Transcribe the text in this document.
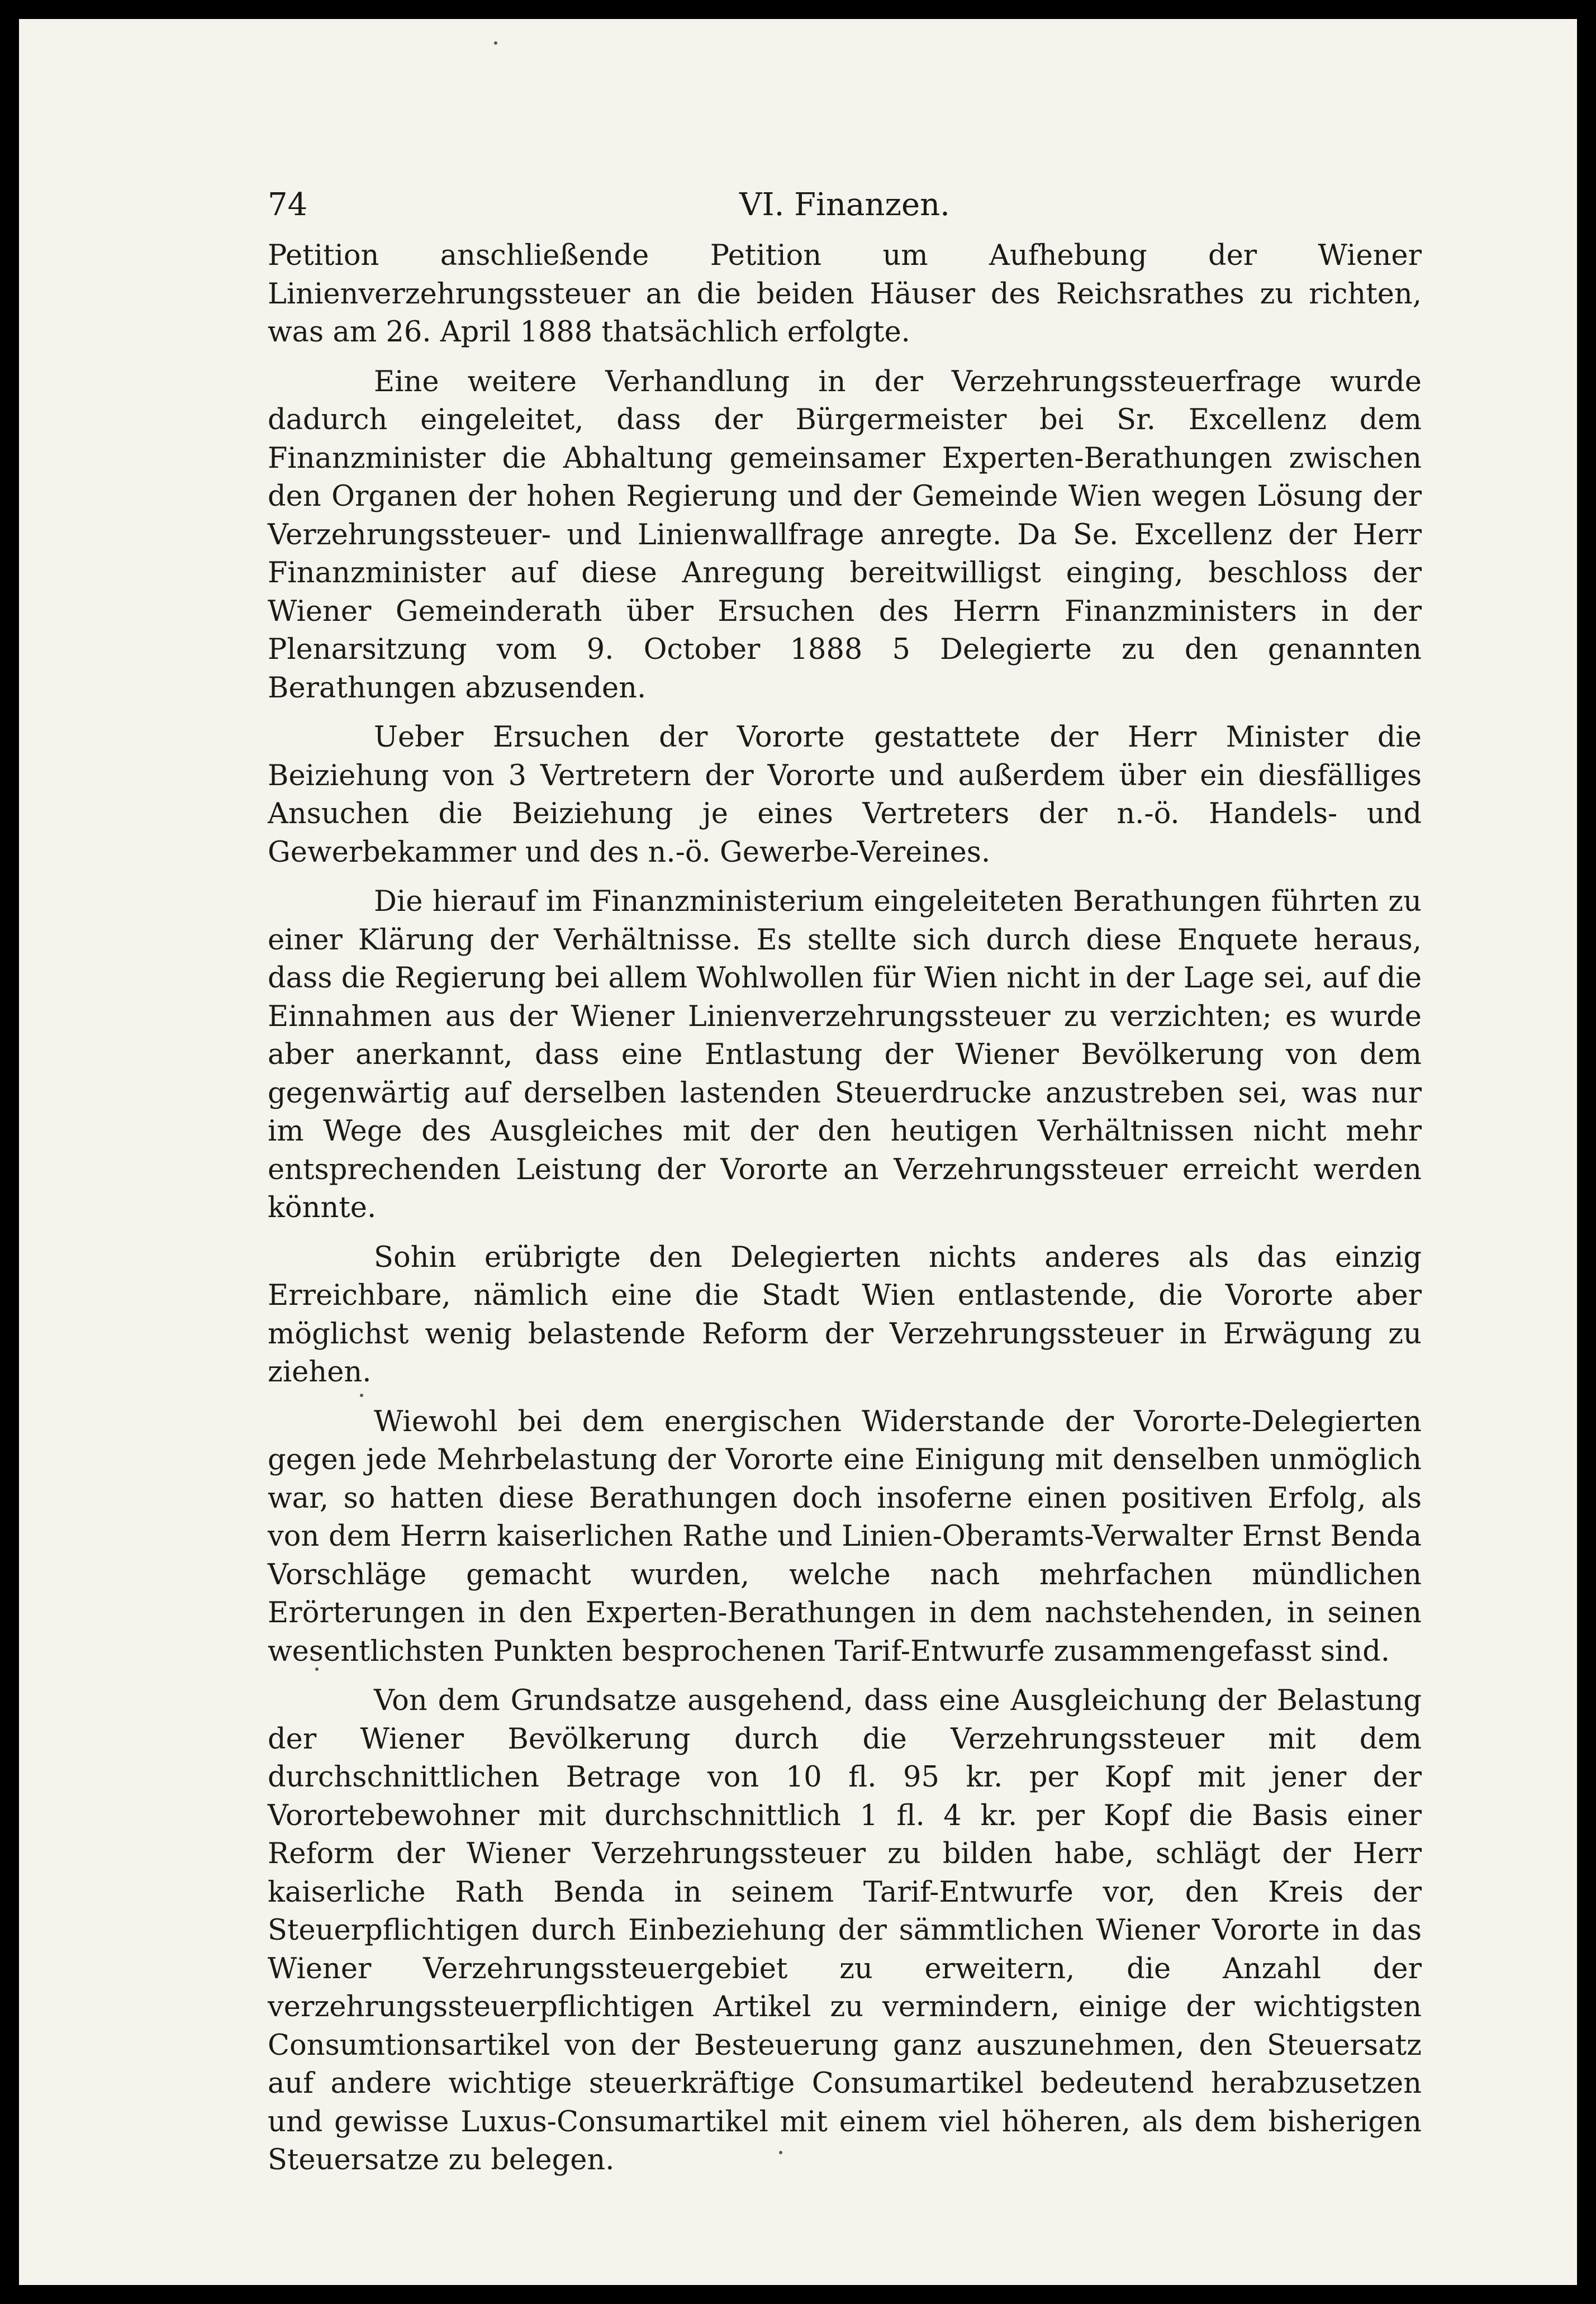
74	VI. Finanzen.

Petition anschließende Petition um Aufhebung der Wiener Linienverzehrungssteuer an die beiden Häuser des Reichsrathes zu richten, was am 26. April 1888 thatsächlich erfolgte.

Eine weitere Verhandlung in der Verzehrungssteuerfrage wurde dadurch eingeleitet, dass der Bürgermeister bei Sr. Excellenz dem Finanzminister die Abhaltung gemeinsamer Experten-Berathungen zwischen den Organen der hohen Regierung und der Gemeinde Wien wegen Lösung der Verzehrungssteuer- und Linienwallfrage anregte. Da Se. Excellenz der Herr Finanzminister auf diese Anregung bereitwilligst einging, beschloss der Wiener Gemeinderath über Ersuchen des Herrn Finanzministers in der Plenarsitzung vom 9. October 1888 5 Delegierte zu den genannten Berathungen abzusenden.

Ueber Ersuchen der Vororte gestattete der Herr Minister die Beiziehung von 3 Vertretern der Vororte und außerdem über ein diesfälliges Ansuchen die Beiziehung je eines Vertreters der n.-ö. Handels- und Gewerbekammer und des n.-ö. Gewerbe-Vereines.

Die hierauf im Finanzministerium eingeleiteten Berathungen führten zu einer Klärung der Verhältnisse. Es stellte sich durch diese Enquete heraus, dass die Regierung bei allem Wohlwollen für Wien nicht in der Lage sei, auf die Einnahmen aus der Wiener Linienverzehrungssteuer zu verzichten; es wurde aber anerkannt, dass eine Entlastung der Wiener Bevölkerung von dem gegenwärtig auf derselben lastenden Steuerdrucke anzustreben sei, was nur im Wege des Ausgleiches mit der den heutigen Verhältnissen nicht mehr entsprechenden Leistung der Vororte an Verzehrungssteuer erreicht werden könnte.

Sohin erübrigte den Delegierten nichts anderes als das einzig Erreichbare, nämlich eine die Stadt Wien entlastende, die Vororte aber möglichst wenig belastende Reform der Verzehrungssteuer in Erwägung zu ziehen.

Wiewohl bei dem energischen Widerstande der Vororte-Delegierten gegen jede Mehrbelastung der Vororte eine Einigung mit denselben unmöglich war, so hatten diese Berathungen doch insoferne einen positiven Erfolg, als von dem Herrn kaiserlichen Rathe und Linien-Oberamts-Verwalter Ernst Benda Vorschläge gemacht wurden, welche nach mehrfachen mündlichen Erörterungen in den Experten-Berathungen in dem nachstehenden, in seinen wesentlichsten Punkten besprochenen Tarif-Entwurfe zusammengefasst sind.

Von dem Grundsatze ausgehend, dass eine Ausgleichung der Belastung der Wiener Bevölkerung durch die Verzehrungssteuer mit dem durchschnittlichen Betrage von 10 fl. 95 kr. per Kopf mit jener der Vorortebewohner mit durchschnittlich 1 fl. 4 kr. per Kopf die Basis einer Reform der Wiener Verzehrungssteuer zu bilden habe, schlägt der Herr kaiserliche Rath Benda in seinem Tarif-Entwurfe vor, den Kreis der Steuerpflichtigen durch Einbeziehung der sämmtlichen Wiener Vororte in das Wiener Verzehrungssteuergebiet zu erweitern, die Anzahl der verzehrungssteuerpflichtigen Artikel zu vermindern, einige der wichtigsten Consumtionsartikel von der Besteuerung ganz auszunehmen, den Steuersatz auf andere wichtige steuerkräftige Consumartikel bedeutend herabzusetzen und gewisse Luxus-Consumartikel mit einem viel höheren, als dem bisherigen Steuersatze zu belegen.
